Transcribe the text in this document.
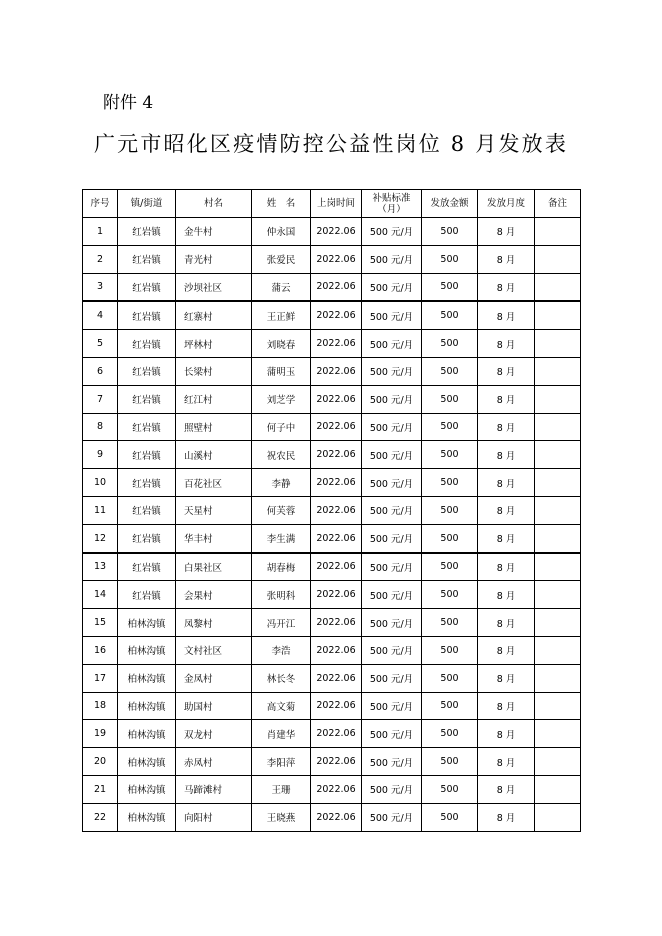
附件 4
广元市昭化区疫情防控公益性岗位 8 月发放表
序号	镇/街道	村名	姓　名	上岗时间	补贴标准（月）	发放金额	发放月度	备注
1	红岩镇	金牛村	仲永国	2022.06	500 元/月	500	8 月	
2	红岩镇	青光村	张爱民	2022.06	500 元/月	500	8 月	
3	红岩镇	沙坝社区	蒲云	2022.06	500 元/月	500	8 月	
4	红岩镇	红寨村	王正鲜	2022.06	500 元/月	500	8 月	
5	红岩镇	坪林村	刘晓春	2022.06	500 元/月	500	8 月	
6	红岩镇	长梁村	蒲明玉	2022.06	500 元/月	500	8 月	
7	红岩镇	红江村	刘芝学	2022.06	500 元/月	500	8 月	
8	红岩镇	照壁村	何子中	2022.06	500 元/月	500	8 月	
9	红岩镇	山溪村	祝农民	2022.06	500 元/月	500	8 月	
10	红岩镇	百花社区	李静	2022.06	500 元/月	500	8 月	
11	红岩镇	天星村	何芙蓉	2022.06	500 元/月	500	8 月	
12	红岩镇	华丰村	李生满	2022.06	500 元/月	500	8 月	
13	红岩镇	白果社区	胡春梅	2022.06	500 元/月	500	8 月	
14	红岩镇	会果村	张明科	2022.06	500 元/月	500	8 月	
15	柏林沟镇	凤黎村	冯开江	2022.06	500 元/月	500	8 月	
16	柏林沟镇	文村社区	李浩	2022.06	500 元/月	500	8 月	
17	柏林沟镇	金凤村	林长冬	2022.06	500 元/月	500	8 月	
18	柏林沟镇	助国村	高文菊	2022.06	500 元/月	500	8 月	
19	柏林沟镇	双龙村	肖建华	2022.06	500 元/月	500	8 月	
20	柏林沟镇	赤凤村	李阳萍	2022.06	500 元/月	500	8 月	
21	柏林沟镇	马蹄滩村	王珊	2022.06	500 元/月	500	8 月	
22	柏林沟镇	向阳村	王晓燕	2022.06	500 元/月	500	8 月	
